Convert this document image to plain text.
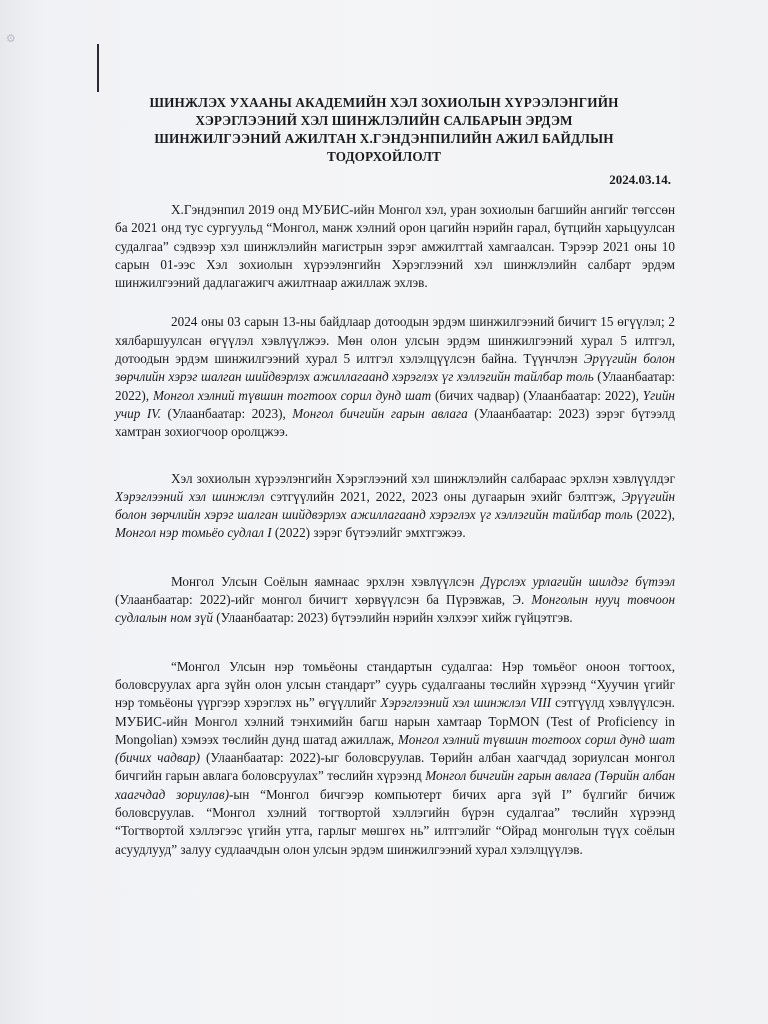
⚙
ШИНЖЛЭХ УХААНЫ АКАДЕМИЙН ХЭЛ ЗОХИОЛЫН ХҮРЭЭЛЭНГИЙН
ХЭРЭГЛЭЭНИЙ ХЭЛ ШИНЖЛЭЛИЙН САЛБАРЫН ЭРДЭМ
ШИНЖИЛГЭЭНИЙ АЖИЛТАН Х.ГЭНДЭНПИЛИЙН АЖИЛ БАЙДЛЫН
ТОДОРХОЙЛОЛТ
2024.03.14.

Х.Гэндэнпил 2019 онд МУБИС-ийн Монгол хэл, уран зохиолын багшийн ангийг төгссөн ба 2021 онд тус сургуульд “Монгол, манж хэлний орон цагийн нэрийн гарал, бүтцийн харьцуулсан судалгаа” сэдвээр хэл шинжлэлийн магистрын зэрэг амжилттай хамгаалсан. Тэрээр 2021 оны 10 сарын 01-ээс Хэл зохиолын хүрээлэнгийн Хэрэглээний хэл шинжлэлийн салбарт эрдэм шинжилгээний дадлагажигч ажилтнаар ажиллаж эхлэв.

2024 оны 03 сарын 13-ны байдлаар дотоодын эрдэм шинжилгээний бичигт 15 өгүүлэл; 2 хялбаршуулсан өгүүлэл хэвлүүлжээ. Мөн олон улсын эрдэм шинжилгээний хурал 5 илтгэл, дотоодын эрдэм шинжилгээний хурал 5 илтгэл хэлэлцүүлсэн байна. Түүнчлэн Эрүүгийн болон зөрчлийн хэрэг шалган шийдвэрлэх ажиллагаанд хэрэглэх үг хэллэгийн тайлбар толь (Улаанбаатар: 2022), Монгол хэлний түвшин тогтоох сорил дунд шат (бичих чадвар) (Улаанбаатар: 2022), Үгийн учир IV. (Улаанбаатар: 2023), Монгол бичгийн гарын авлага (Улаанбаатар: 2023) зэрэг бүтээлд хамтран зохиогчоор оролцжээ.

Хэл зохиолын хүрээлэнгийн Хэрэглээний хэл шинжлэлийн салбараас эрхлэн хэвлүүлдэг Хэрэглээний хэл шинжлэл сэтгүүлийн 2021, 2022, 2023 оны дугаарын эхийг бэлтгэж, Эрүүгийн болон зөрчлийн хэрэг шалган шийдвэрлэх ажиллагаанд хэрэглэх үг хэллэгийн тайлбар толь (2022), Монгол нэр томьёо судлал I (2022) зэрэг бүтээлийг эмхтгэжээ.

Монгол Улсын Соёлын яамнаас эрхлэн хэвлүүлсэн Дүрслэх урлагийн шилдэг бүтээл (Улаанбаатар: 2022)-ийг монгол бичигт хөрвүүлсэн ба Пүрэвжав, Э. Монголын нууц товчоон судлалын ном зүй (Улаанбаатар: 2023) бүтээлийн нэрийн хэлхээг хийж гүйцэтгэв.

“Монгол Улсын нэр томьёоны стандартын судалгаа: Нэр томьёог оноон тогтоох, боловсруулах арга зүйн олон улсын стандарт” суурь судалгааны төслийн хүрээнд “Хуучин үгийг нэр томьёоны үүргээр хэрэглэх нь” өгүүллийг Хэрэглээний хэл шинжлэл VIII сэтгүүлд хэвлүүлсэн. МУБИС-ийн Монгол хэлний тэнхимийн багш нарын хамтаар TopMON (Test of Proficiency in Mongolian) хэмээх төслийн дунд шатад ажиллаж, Монгол хэлний түвшин тогтоох сорил дунд шат (бичих чадвар) (Улаанбаатар: 2022)-ыг боловсруулав. Төрийн албан хаагчдад зориулсан монгол бичгийн гарын авлага боловсруулах” төслийн хүрээнд Монгол бичгийн гарын авлага (Төрийн албан хаагчдад зориулав)-ын “Монгол бичгээр компьютерт бичих арга зүй I” бүлгийг бичиж боловсруулав. “Монгол хэлний тогтвортой хэллэгийн бүрэн судалгаа” төслийн хүрээнд “Тогтвортой хэллэгээс үгийн утга, гарлыг мөшгөх нь” илтгэлийг “Ойрад монголын түүх соёлын асуудлууд” залуу судлаачдын олон улсын эрдэм шинжилгээний хурал хэлэлцүүлэв.
